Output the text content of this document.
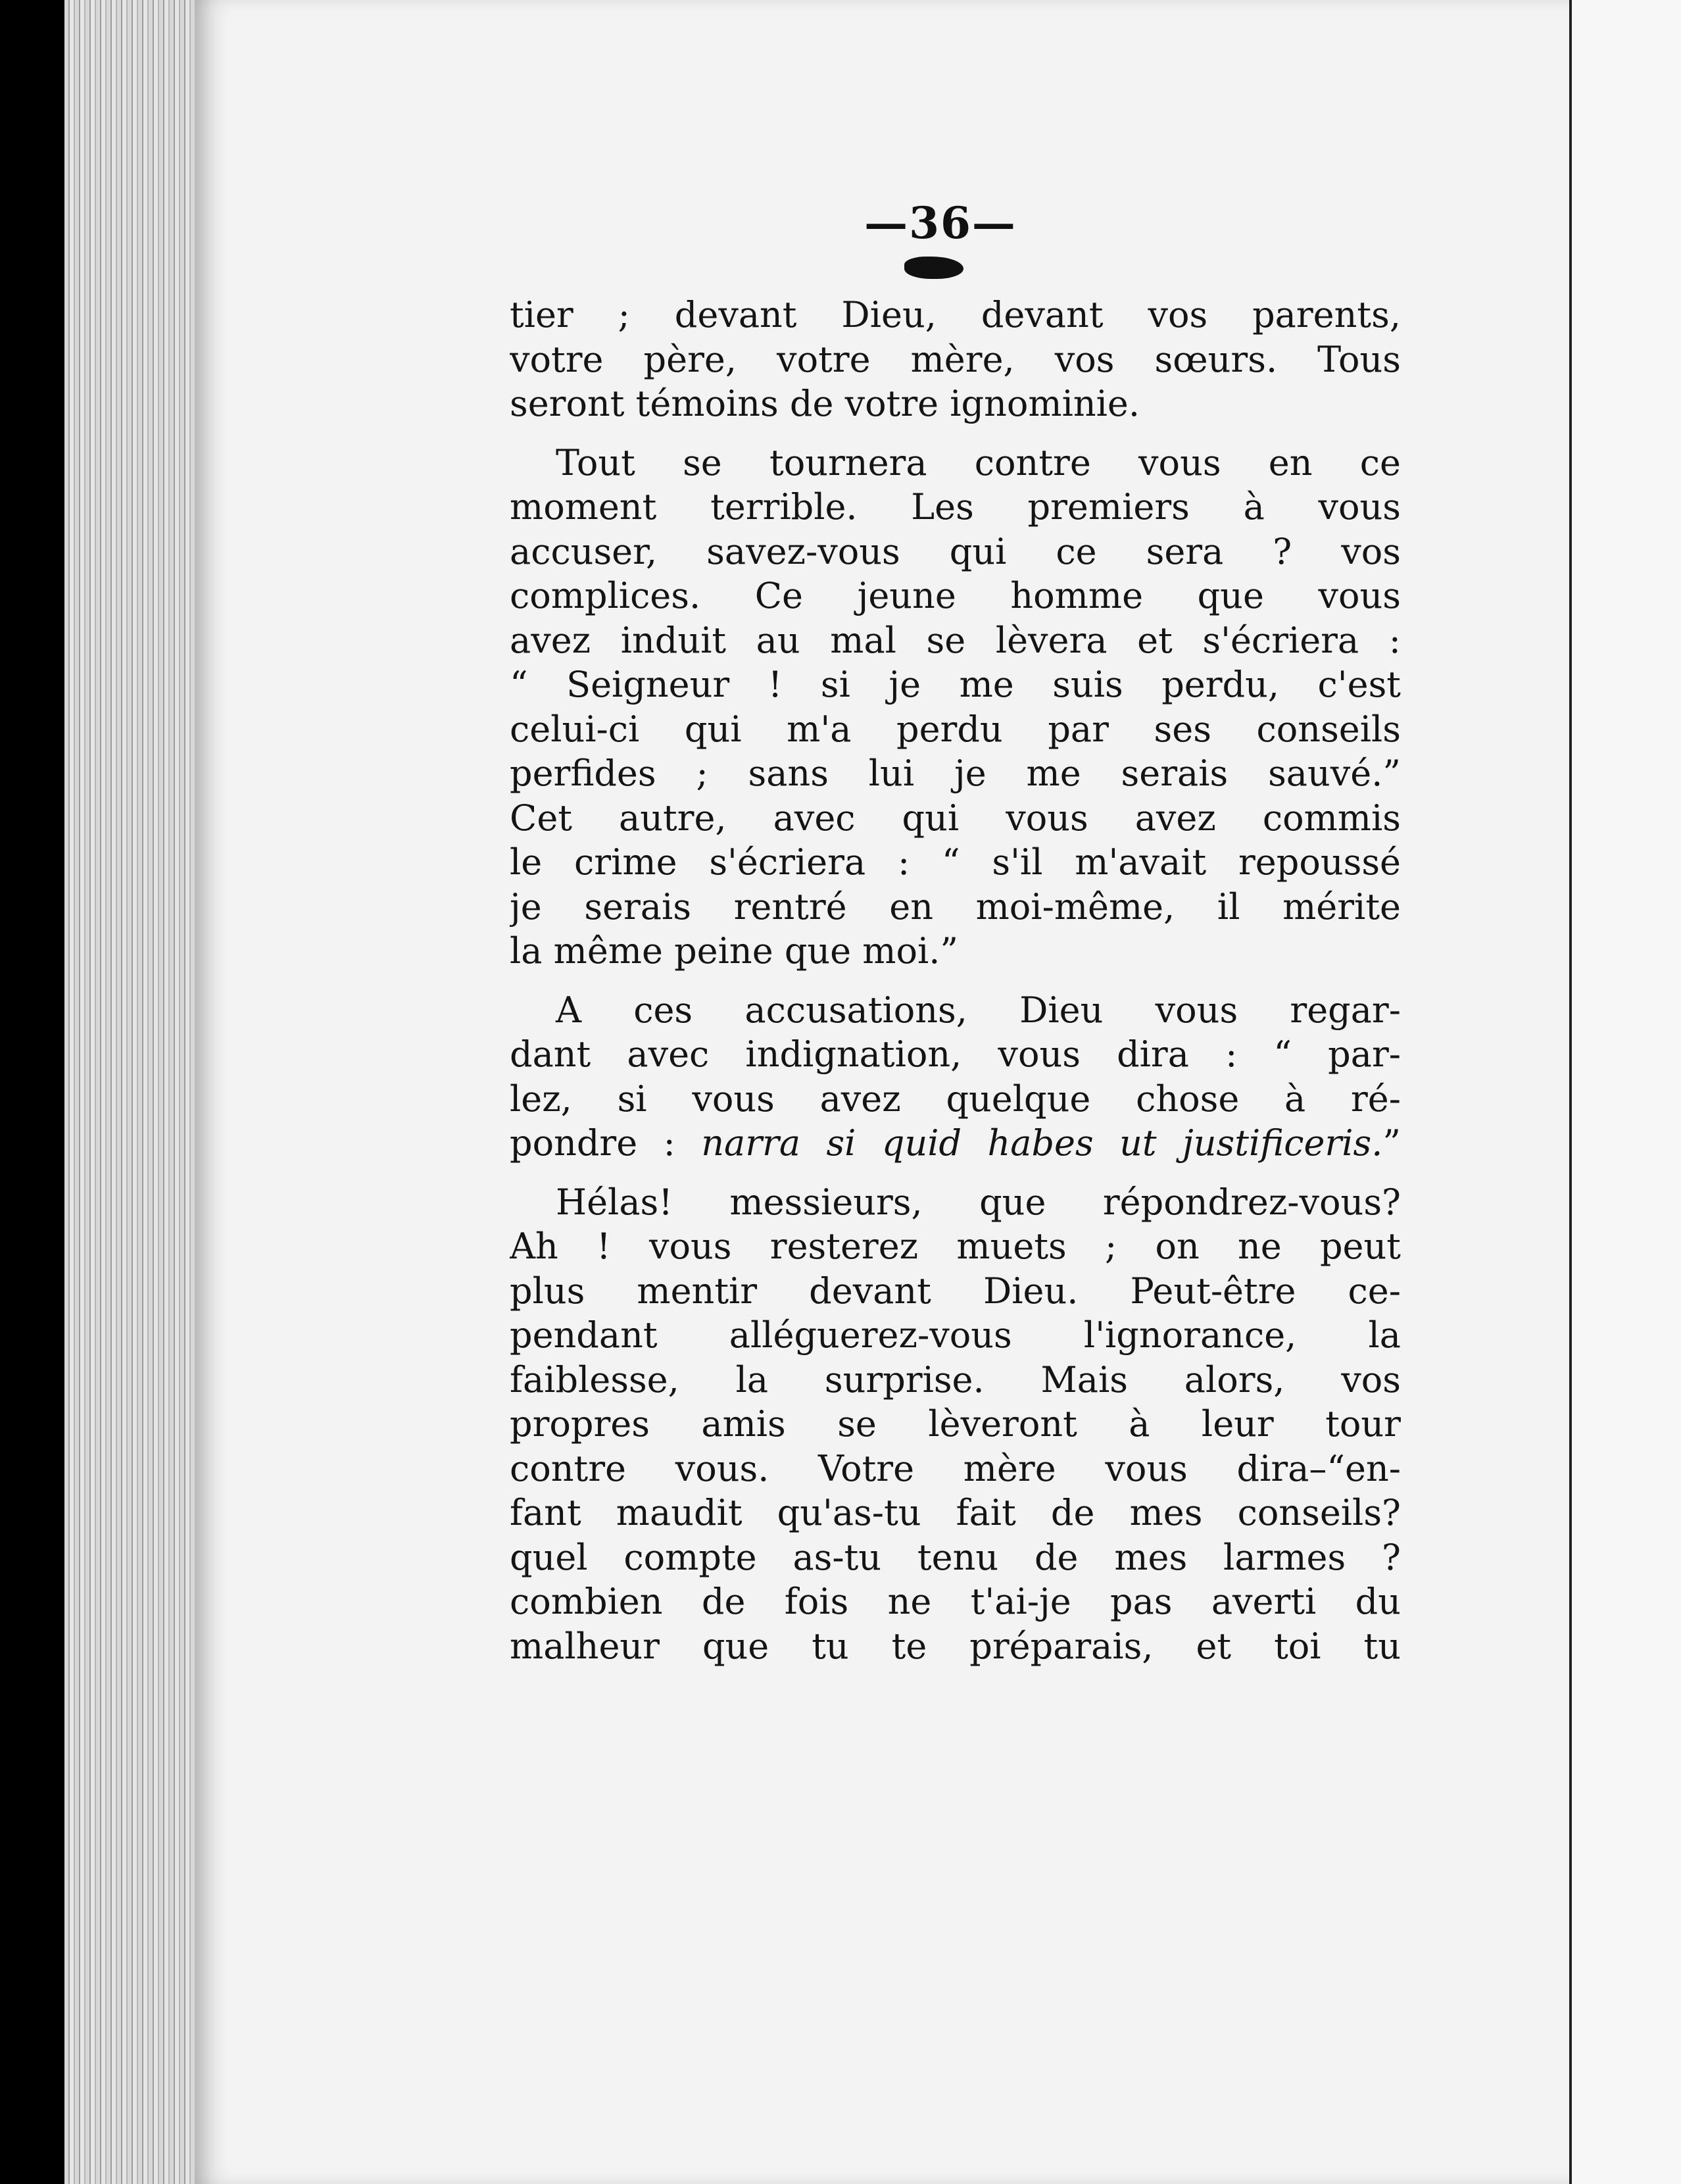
—36—
tier ; devant Dieu, devant vos parents,
votre père, votre mère, vos sœurs. Tous
seront témoins de votre ignominie.
Tout se tournera contre vous en ce
moment terrible. Les premiers à vous
accuser, savez-vous qui ce sera ? vos
complices. Ce jeune homme que vous
avez induit au mal se lèvera et s'écriera :
“ Seigneur ! si je me suis perdu, c'est
celui-ci qui m'a perdu par ses conseils
perfides ; sans lui je me serais sauvé.”
Cet autre, avec qui vous avez commis
le crime s'écriera : “ s'il m'avait repoussé
je serais rentré en moi-même, il mérite
la même peine que moi.”
A ces accusations, Dieu vous regar-
dant avec indignation, vous dira : “ par-
lez, si vous avez quelque chose à ré-
pondre : narra si quid habes ut justificeris.”
Hélas! messieurs, que répondrez-vous?
Ah ! vous resterez muets ; on ne peut
plus mentir devant Dieu. Peut-être ce-
pendant alléguerez-vous l'ignorance, la
faiblesse, la surprise. Mais alors, vos
propres amis se lèveront à leur tour
contre vous. Votre mère vous dira–“en-
fant maudit qu'as-tu fait de mes conseils?
quel compte as-tu tenu de mes larmes ?
combien de fois ne t'ai-je pas averti du
malheur que tu te préparais, et toi tu
